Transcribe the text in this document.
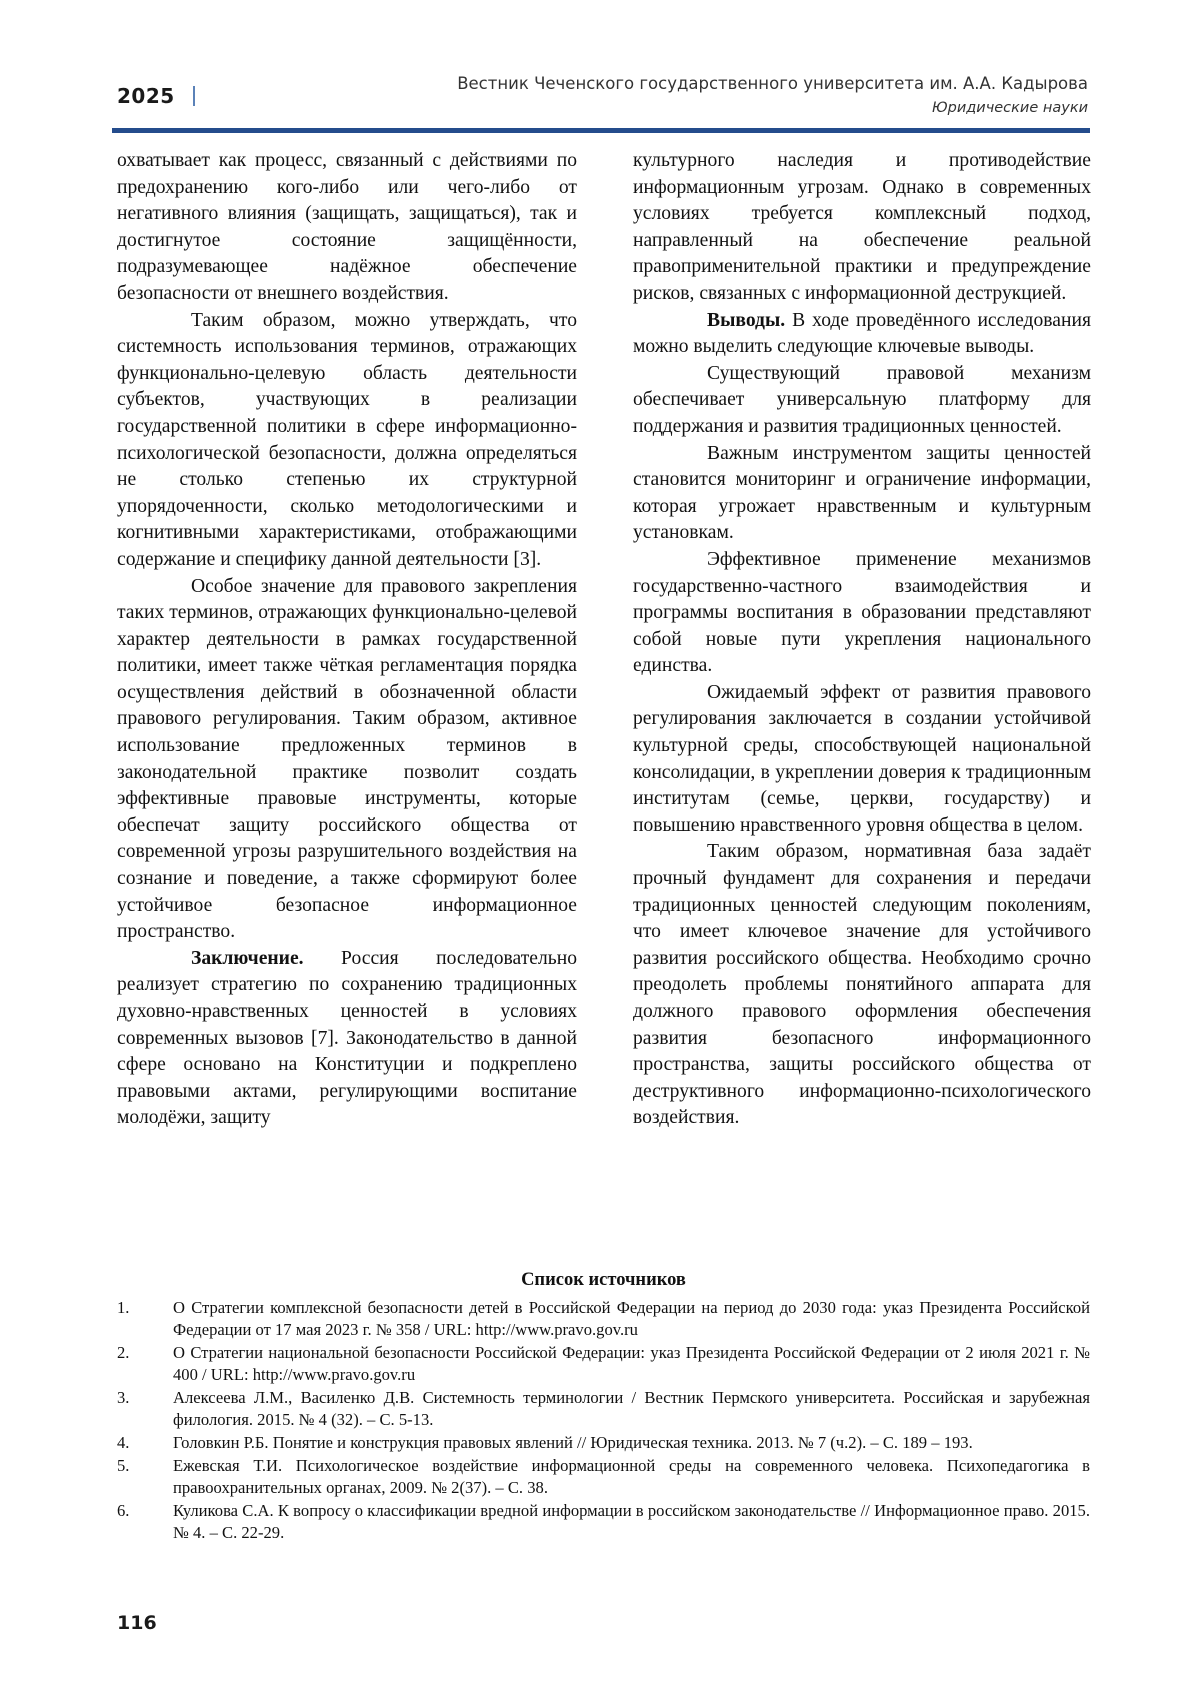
2025
Вестник Чеченского государственного университета им. А.А. Кадырова
Юридические науки

охватывает как процесс, связанный с действиями по предохранению кого-либо или чего-либо от негативного влияния (защищать, защищаться), так и достигнутое состояние защищённости, подразумевающее надёжное обеспечение безопасности от внешнего воздействия.

Таким образом, можно утверждать, что системность использования терминов, отражающих функционально-целевую область деятельности субъектов, участвующих в реализации государственной политики в сфере информационно-психологической безопасности, должна определяться не столько степенью их структурной упорядоченности, сколько методологическими и когнитивными характеристиками, отображающими содержание и специфику данной деятельности [3].

Особое значение для правового закрепления таких терминов, отражающих функционально-целевой характер деятельности в рамках государственной политики, имеет также чёткая регламентация порядка осуществления действий в обозначенной области правового регулирования. Таким образом, активное использование предложенных терминов в законодательной практике позволит создать эффективные правовые инструменты, которые обеспечат защиту российского общества от современной угрозы разрушительного воздействия на сознание и поведение, а также сформируют более устойчивое безопасное информационное пространство.

Заключение. Россия последовательно реализует стратегию по сохранению традиционных духовно-нравственных ценностей в условиях современных вызовов [7]. Законодательство в данной сфере основано на Конституции и подкреплено правовыми актами, регулирующими воспитание молодёжи, защиту

культурного наследия и противодействие информационным угрозам. Однако в современных условиях требуется комплексный подход, направленный на обеспечение реальной правоприменительной практики и предупреждение рисков, связанных с информационной деструкцией.

Выводы. В ходе проведённого исследования можно выделить следующие ключевые выводы.

Существующий правовой механизм обеспечивает универсальную платформу для поддержания и развития традиционных ценностей.

Важным инструментом защиты ценностей становится мониторинг и ограничение информации, которая угрожает нравственным и культурным установкам.

Эффективное применение механизмов государственно-частного взаимодействия и программы воспитания в образовании представляют собой новые пути укрепления национального единства.

Ожидаемый эффект от развития правового регулирования заключается в создании устойчивой культурной среды, способствующей национальной консолидации, в укреплении доверия к традиционным институтам (семье, церкви, государству) и повышению нравственного уровня общества в целом.

Таким образом, нормативная база задаёт прочный фундамент для сохранения и передачи традиционных ценностей следующим поколениям, что имеет ключевое значение для устойчивого развития российского общества. Необходимо срочно преодолеть проблемы понятийного аппарата для должного правового оформления обеспечения развития безопасного информационного пространства, защиты российского общества от деструктивного информационно-психологического воздействия.

Список источников
1.	О Стратегии комплексной безопасности детей в Российской Федерации на период до 2030 года: указ Президента Российской Федерации от 17 мая 2023 г. № 358 / URL: http://www.pravo.gov.ru
2.	О Стратегии национальной безопасности Российской Федерации: указ Президента Российской Федерации от 2 июля 2021 г. № 400 / URL: http://www.pravo.gov.ru
3.	Алексеева Л.М., Василенко Д.В. Системность терминологии / Вестник Пермского университета. Российская и зарубежная филология. 2015. № 4 (32). – С. 5-13.
4.	Головкин Р.Б. Понятие и конструкция правовых явлений // Юридическая техника. 2013. № 7 (ч.2). – С. 189 – 193.
5.	Ежевская Т.И. Психологическое воздействие информационной среды на современного человека. Психопедагогика в правоохранительных органах, 2009. № 2(37). – С. 38.
6.	Куликова С.А. К вопросу о классификации вредной информации в российском законодательстве // Информационное право. 2015. № 4. – С. 22-29.
116
